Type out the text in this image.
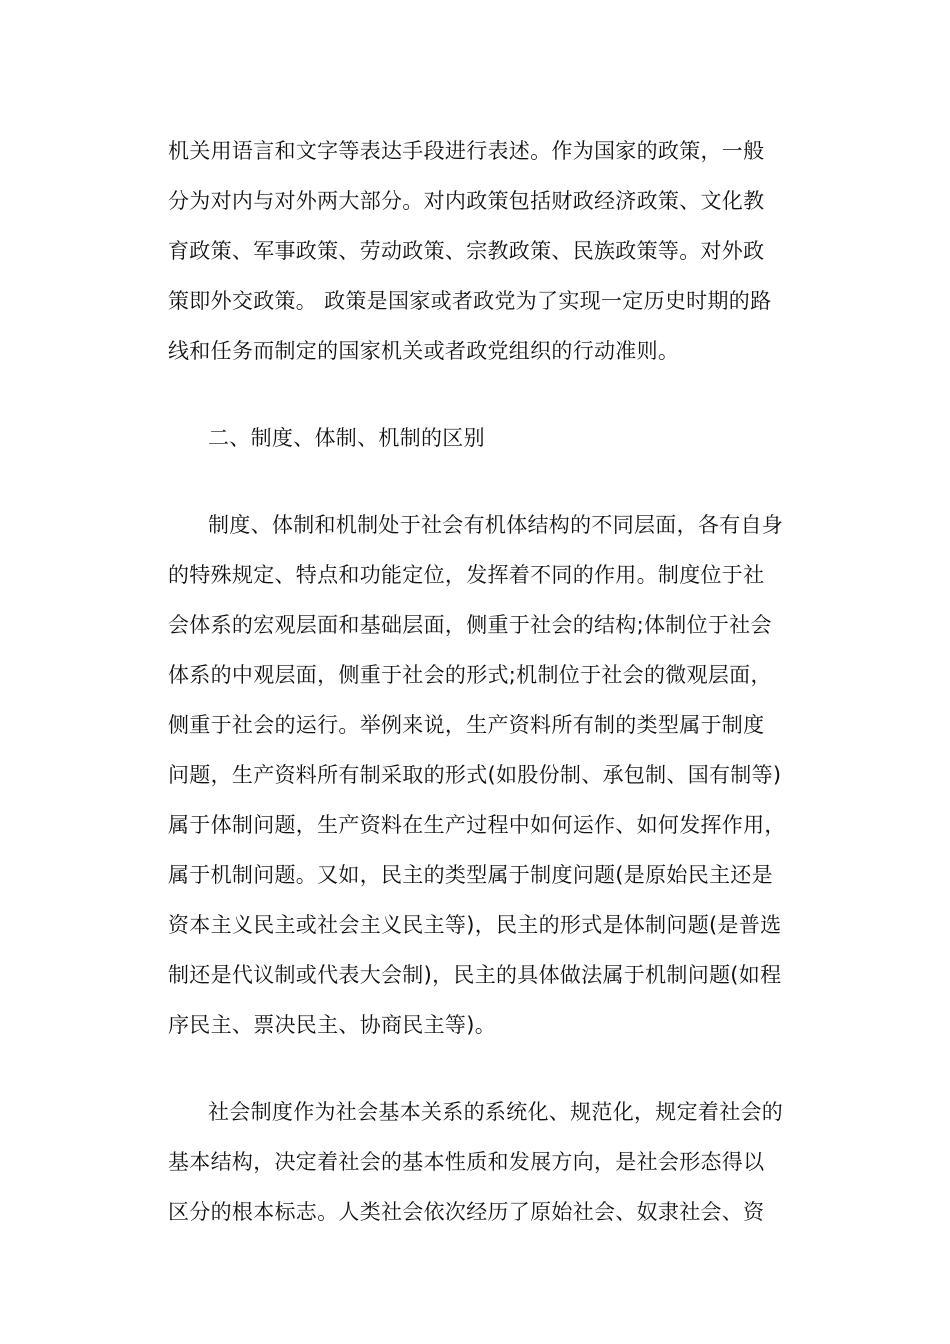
机关用语言和文字等表达手段进行表述。作为国家的政策，一般
分为对内与对外两大部分。对内政策包括财政经济政策、文化教
育政策、军事政策、劳动政策、宗教政策、民族政策等。对外政
策即外交政策。 政策是国家或者政党为了实现一定历史时期的路
线和任务而制定的国家机关或者政党组织的行动准则。
二、制度、体制、机制的区别
制度、体制和机制处于社会有机体结构的不同层面，各有自身
的特殊规定、特点和功能定位，发挥着不同的作用。制度位于社
会体系的宏观层面和基础层面，侧重于社会的结构;体制位于社会
体系的中观层面，侧重于社会的形式;机制位于社会的微观层面，
侧重于社会的运行。举例来说，生产资料所有制的类型属于制度
问题，生产资料所有制采取的形式(如股份制、承包制、国有制等)
属于体制问题，生产资料在生产过程中如何运作、如何发挥作用，
属于机制问题。又如，民主的类型属于制度问题(是原始民主还是
资本主义民主或社会主义民主等)，民主的形式是体制问题(是普选
制还是代议制或代表大会制)，民主的具体做法属于机制问题(如程
序民主、票决民主、协商民主等)。
社会制度作为社会基本关系的系统化、规范化，规定着社会的
基本结构，决定着社会的基本性质和发展方向，是社会形态得以
区分的根本标志。人类社会依次经历了原始社会、奴隶社会、资
